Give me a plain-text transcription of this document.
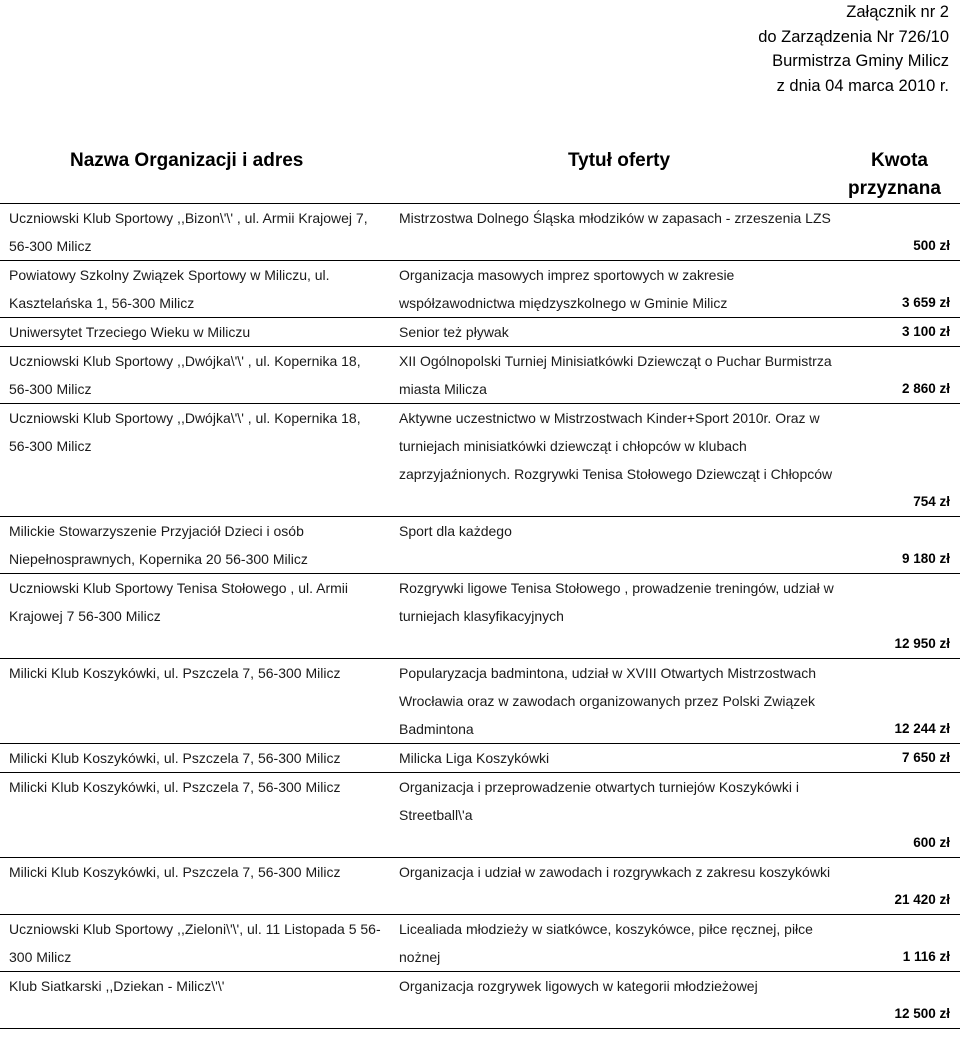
Załącznik nr 2
do Zarządzenia Nr 726/10
Burmistrza Gminy Milicz
z dnia 04 marca 2010 r.
Nazwa Organizacji i adres	Tytuł oferty	Kwota przyznana

Uczniowski Klub Sportowy ,,Bizon\'\' , ul. Armii Krajowej 7, 56-300 Milicz	Mistrzostwa Dolnego Śląska młodzików w zapasach - zrzeszenia LZS	500 zł
Powiatowy Szkolny Związek Sportowy w Miliczu, ul. Kasztelańska 1, 56-300 Milicz	Organizacja masowych imprez sportowych w zakresie współzawodnictwa międzyszkolnego w Gminie Milicz	3 659 zł
Uniwersytet Trzeciego Wieku w Miliczu	Senior też pływak	3 100 zł
Uczniowski Klub Sportowy ,,Dwójka\'\' , ul. Kopernika 18, 56-300 Milicz	XII Ogólnopolski Turniej Minisiatkówki Dziewcząt o Puchar Burmistrza miasta Milicza	2 860 zł
Uczniowski Klub Sportowy ,,Dwójka\'\' , ul. Kopernika 18, 56-300 Milicz	Aktywne uczestnictwo w Mistrzostwach Kinder+Sport 2010r. Oraz w turniejach minisiatkówki dziewcząt i chłopców w klubach zaprzyjaźnionych. Rozgrywki Tenisa Stołowego Dziewcząt i Chłopców	754 zł
Milickie Stowarzyszenie Przyjaciół Dzieci i osób Niepełnosprawnych, Kopernika 20 56-300 Milicz	Sport dla każdego	9 180 zł
Uczniowski Klub Sportowy Tenisa Stołowego , ul. Armii Krajowej 7 56-300 Milicz	Rozgrywki ligowe Tenisa Stołowego , prowadzenie treningów, udział w turniejach klasyfikacyjnych	12 950 zł
Milicki Klub Koszykówki, ul. Pszczela 7, 56-300 Milicz	Popularyzacja badmintona, udział w XVIII Otwartych Mistrzostwach Wrocławia oraz w zawodach organizowanych przez Polski Związek Badmintona	12 244 zł
Milicki Klub Koszykówki, ul. Pszczela 7, 56-300 Milicz	Milicka Liga Koszykówki	7 650 zł
Milicki Klub Koszykówki, ul. Pszczela 7, 56-300 Milicz	Organizacja i przeprowadzenie otwartych turniejów Koszykówki i Streetball\'a	600 zł
Milicki Klub Koszykówki, ul. Pszczela 7, 56-300 Milicz	Organizacja i udział w zawodach i rozgrywkach z zakresu koszykówki	21 420 zł
Uczniowski Klub Sportowy ,,Zieloni\'\', ul. 11 Listopada 5 56-300 Milicz	Licealiada młodzieży w siatkówce, koszykówce, piłce ręcznej, piłce nożnej	1 116 zł
Klub Siatkarski ,,Dziekan - Milicz\'\'	Organizacja rozgrywek ligowych w kategorii młodzieżowej	12 500 zł
